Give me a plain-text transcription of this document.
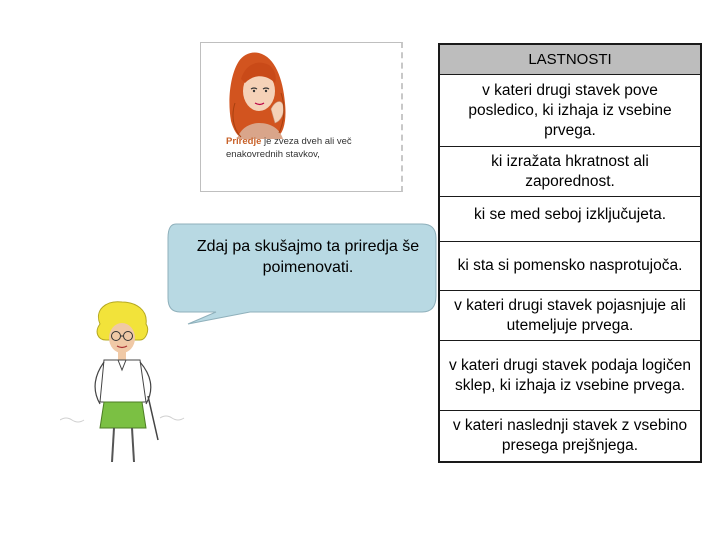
Priredje je zveza dveh ali več enakovrednih stavkov,
LASTNOSTI
v kateri drugi stavek pove posledico, ki izhaja iz vsebine prvega.
ki izražata hkratnost ali zaporednost.
ki se med seboj izključujeta.
ki sta si pomensko nasprotujoča.
v kateri drugi stavek pojasnjuje ali utemeljuje prvega.
v kateri drugi stavek podaja logičen sklep, ki izhaja iz vsebine prvega.
v kateri naslednji stavek z vsebino presega prejšnjega.
Zdaj pa skušajmo ta priredja še poimenovati.
